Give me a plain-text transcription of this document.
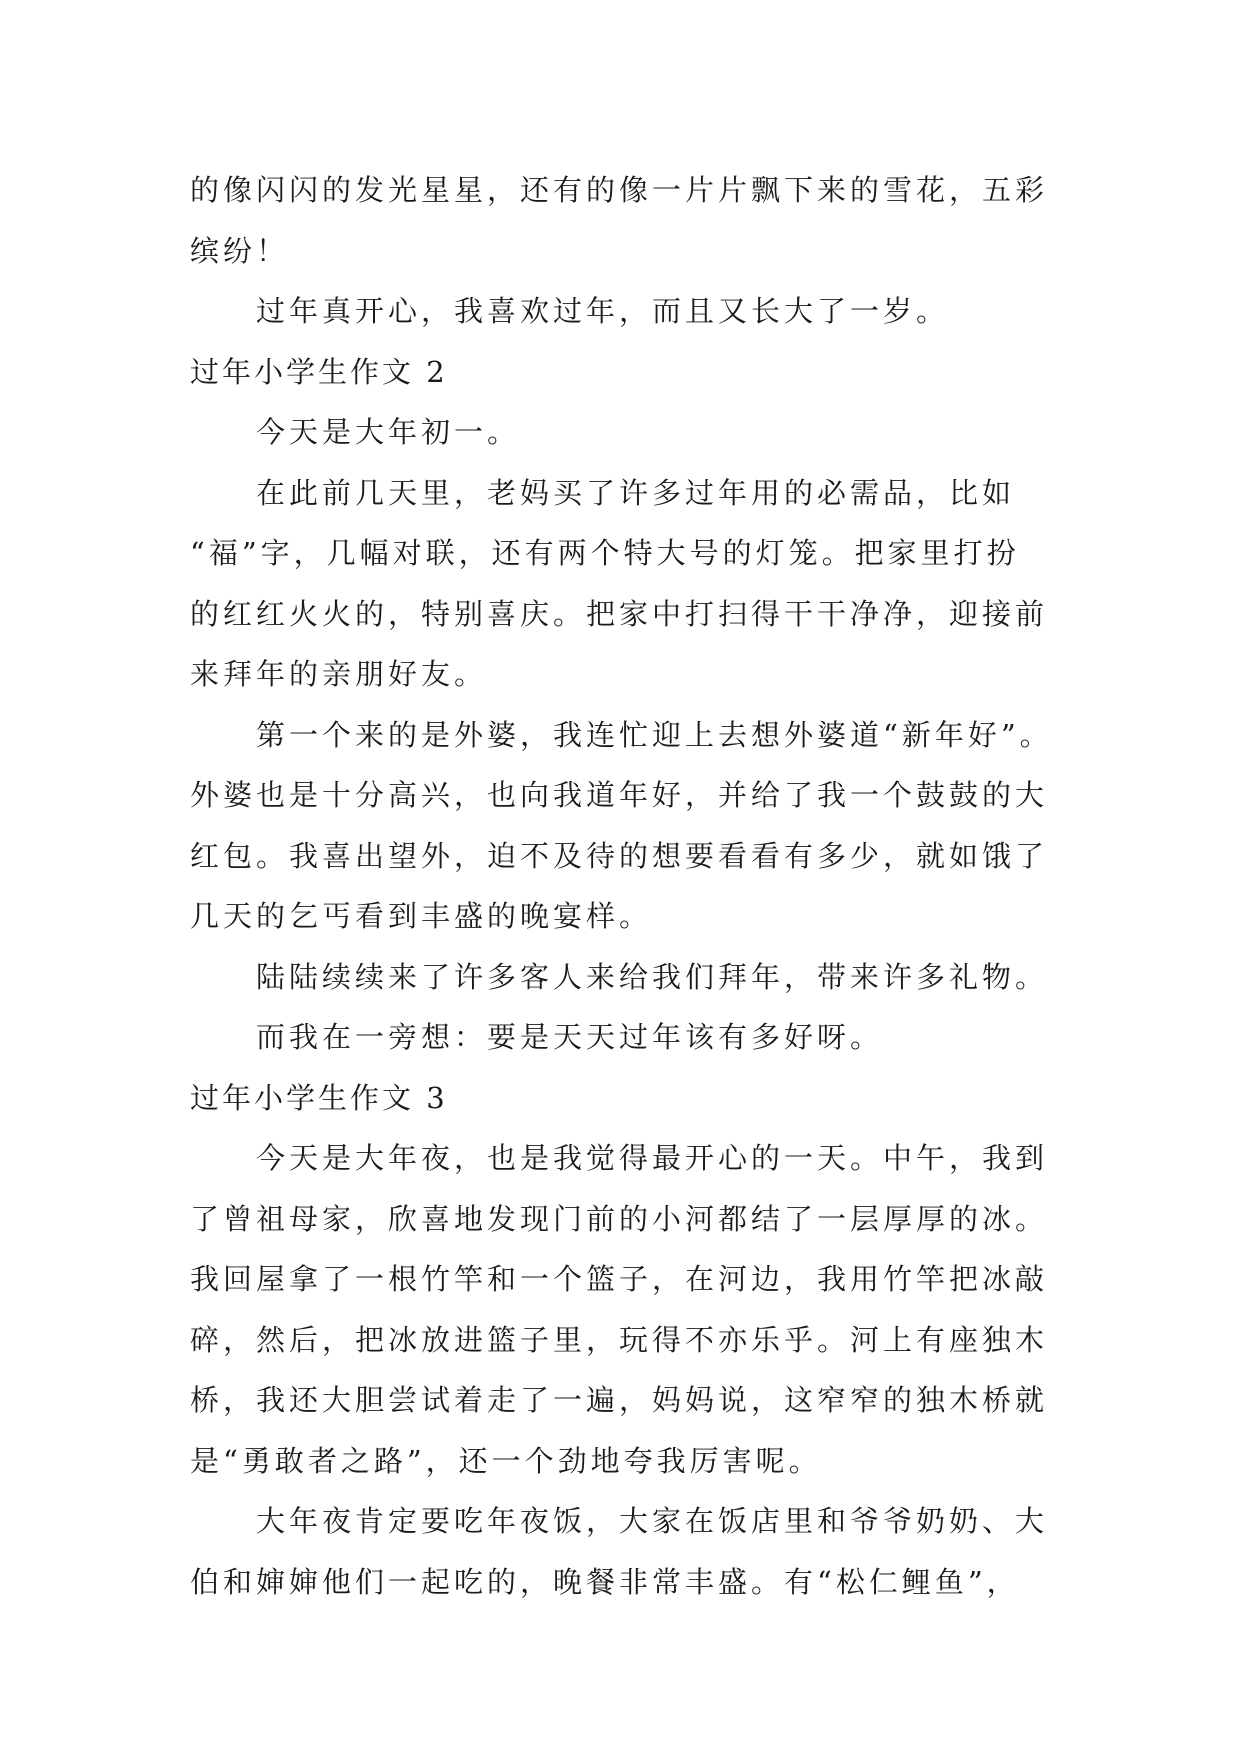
的像闪闪的发光星星，还有的像一片片飘下来的雪花，五彩
缤纷！
过年真开心，我喜欢过年，而且又长大了一岁。
过年小学生作文 2
今天是大年初一。
在此前几天里，老妈买了许多过年用的必需品，比如
“福”字，几幅对联，还有两个特大号的灯笼。把家里打扮
的红红火火的，特别喜庆。把家中打扫得干干净净，迎接前
来拜年的亲朋好友。
第一个来的是外婆，我连忙迎上去想外婆道“新年好”。
外婆也是十分高兴，也向我道年好，并给了我一个鼓鼓的大
红包。我喜出望外，迫不及待的想要看看有多少，就如饿了
几天的乞丐看到丰盛的晚宴样。
陆陆续续来了许多客人来给我们拜年，带来许多礼物。
而我在一旁想：要是天天过年该有多好呀。
过年小学生作文 3
今天是大年夜，也是我觉得最开心的一天。中午，我到
了曾祖母家，欣喜地发现门前的小河都结了一层厚厚的冰。
我回屋拿了一根竹竿和一个篮子，在河边，我用竹竿把冰敲
碎，然后，把冰放进篮子里，玩得不亦乐乎。河上有座独木
桥，我还大胆尝试着走了一遍，妈妈说，这窄窄的独木桥就
是“勇敢者之路”，还一个劲地夸我厉害呢。
大年夜肯定要吃年夜饭，大家在饭店里和爷爷奶奶、大
伯和婶婶他们一起吃的，晚餐非常丰盛。有“松仁鲤鱼”，
